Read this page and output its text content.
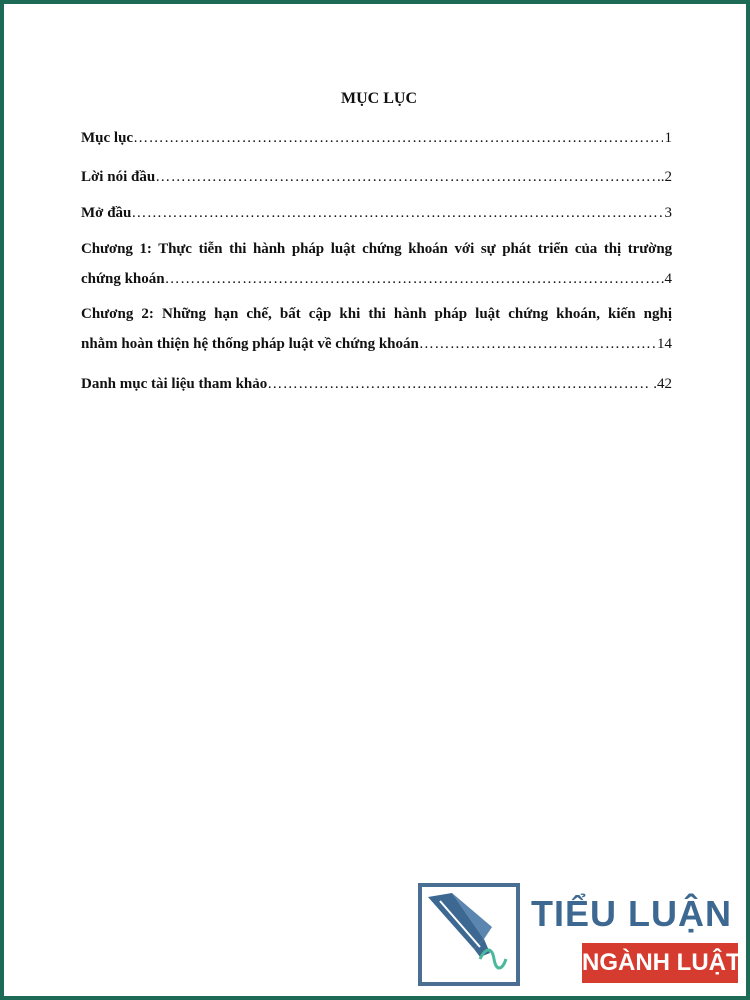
MỤC LỤC
Mục lục …………………………………………………………………………………………………………………………………………………………	1
Lời nói đầu …………………………………………………………………………………………………………………………………………………………	..2
Mở đầu …………………………………………………………………………………………………………………………………………………………	3
Chương 1: Thực tiễn thi hành pháp luật chứng khoán với sự phát triển của thị trường
chứng khoán …………………………………………………………………………………………………………………………………………………………	.4
Chương 2: Những hạn chế, bất cập khi thi hành pháp luật chứng khoán, kiến nghị
nhằm hoàn thiện hệ thống pháp luật về chứng khoán …………………………………………………………………………………………………………………………………………………………	14
Danh mục tài liệu tham khảo …………………………………………………………………………………………………………………………………………………………	.42
TIỂU LUẬN
NGÀNH LUẬT
